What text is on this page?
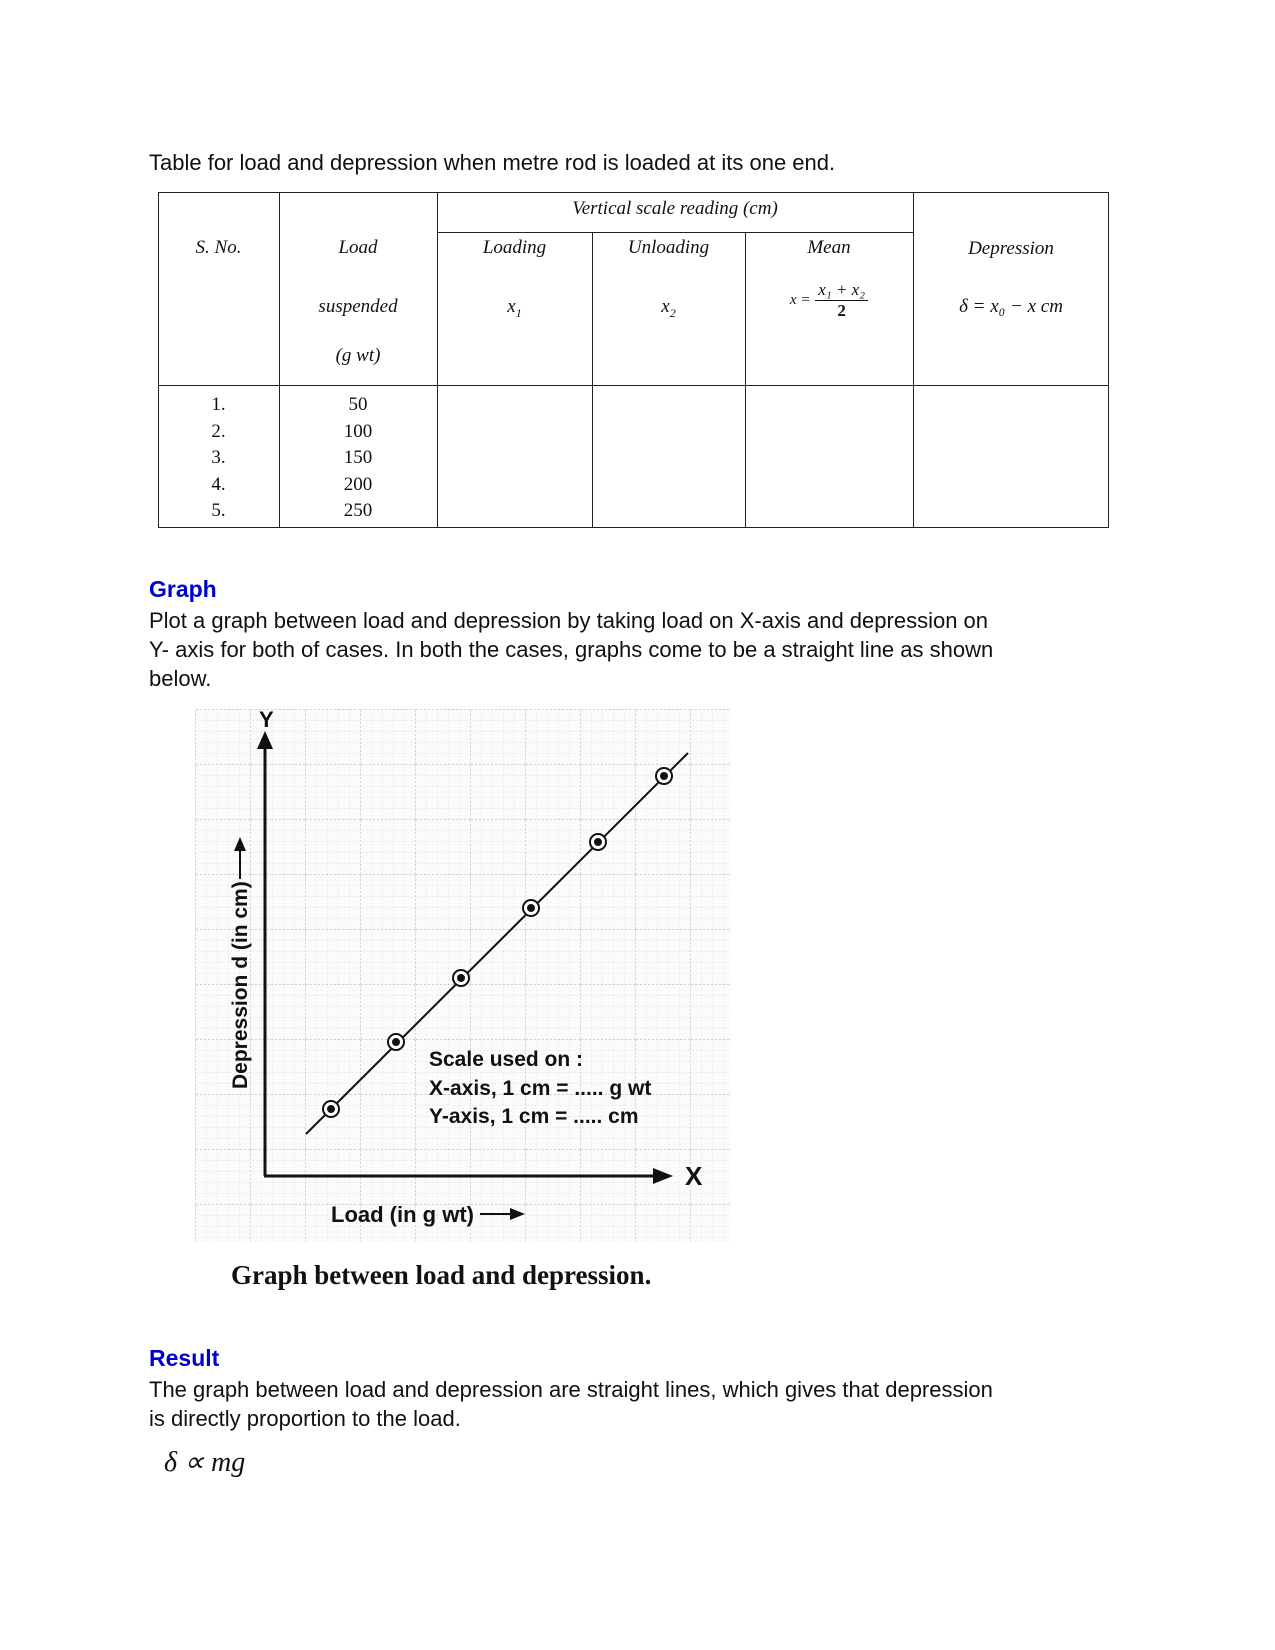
Table for load and depression when metre rod is loaded at its one end.
Vertical scale reading (cm)
S. No.	Load
suspended
(g wt)
Loading
$x_1$
Unloading
$x_2$
Mean
$x = \frac{\text{x₁ + x₂}}{2}$
Depression
δ = x₀ − x cm
1.
2.
3.
4.
5.
50
100
150
200
250
Graph
Plot a graph between load and depression by taking load on X-axis and depression on
Y- axis for both of cases. In both the cases, graphs come to be a straight line as shown
below.
Y
X
Depression d (in cm)
Load (in g wt)
Scale used on :
X-axis, 1 cm = ..... g wt
Y-axis, 1 cm = ..... cm
Graph between load and depression.
Result
The graph between load and depression are straight lines, which gives that depression
is directly proportion to the load.
δ ∝ mg
